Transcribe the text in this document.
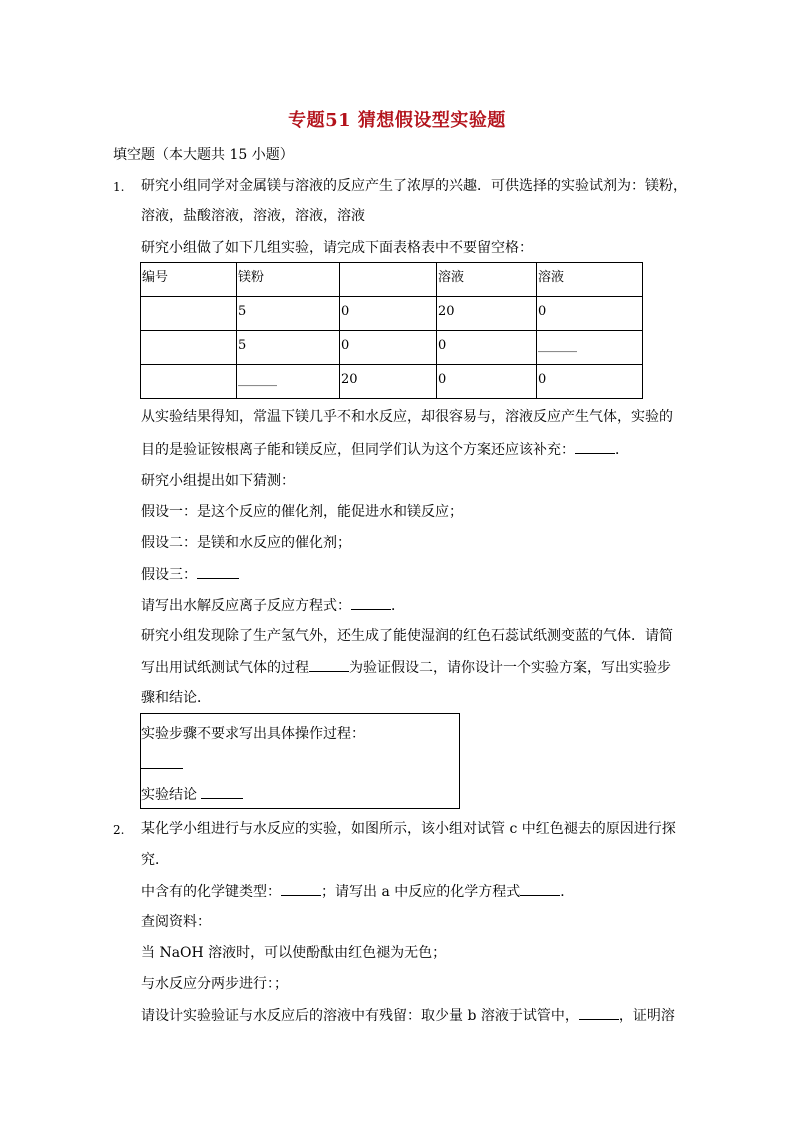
专题51 猜想假设型实验题
填空题（本大题共 15 小题）
1. 研究小组同学对金属镁与溶液的反应产生了浓厚的兴趣．可供选择的实验试剂为：镁粉，
溶液，盐酸溶液，溶液，溶液，溶液
研究小组做了如下几组实验，请完成下面表格表中不要留空格：
编号	镁粉		溶液	溶液
	5	0	20	0
	5	0	0	______
	______	20	0	0
从实验结果得知，常温下镁几乎不和水反应，却很容易与，溶液反应产生气体，实验的
目的是验证铵根离子能和镁反应，但同学们认为这个方案还应该补充：	．
研究小组提出如下猜测：
假设一：是这个反应的催化剂，能促进水和镁反应；
假设二：是镁和水反应的催化剂；
假设三：
请写出水解反应离子反应方程式：	．
研究小组发现除了生产氢气外，还生成了能使湿润的红色石蕊试纸测变蓝的气体．请简
写出用试纸测试气体的过程	为验证假设二，请你设计一个实验方案，写出实验步
骤和结论．
实验步骤不要求写出具体操作过程：
实验结论
2. 某化学小组进行与水反应的实验，如图所示，该小组对试管 c 中红色褪去的原因进行探
究．
中含有的化学键类型：	；请写出 a 中反应的化学方程式	．
查阅资料：
当 NaOH 溶液时，可以使酚酞由红色褪为无色；
与水反应分两步进行：；
请设计实验验证与水反应后的溶液中有残留：取少量 b 溶液于试管中，	，证明溶
